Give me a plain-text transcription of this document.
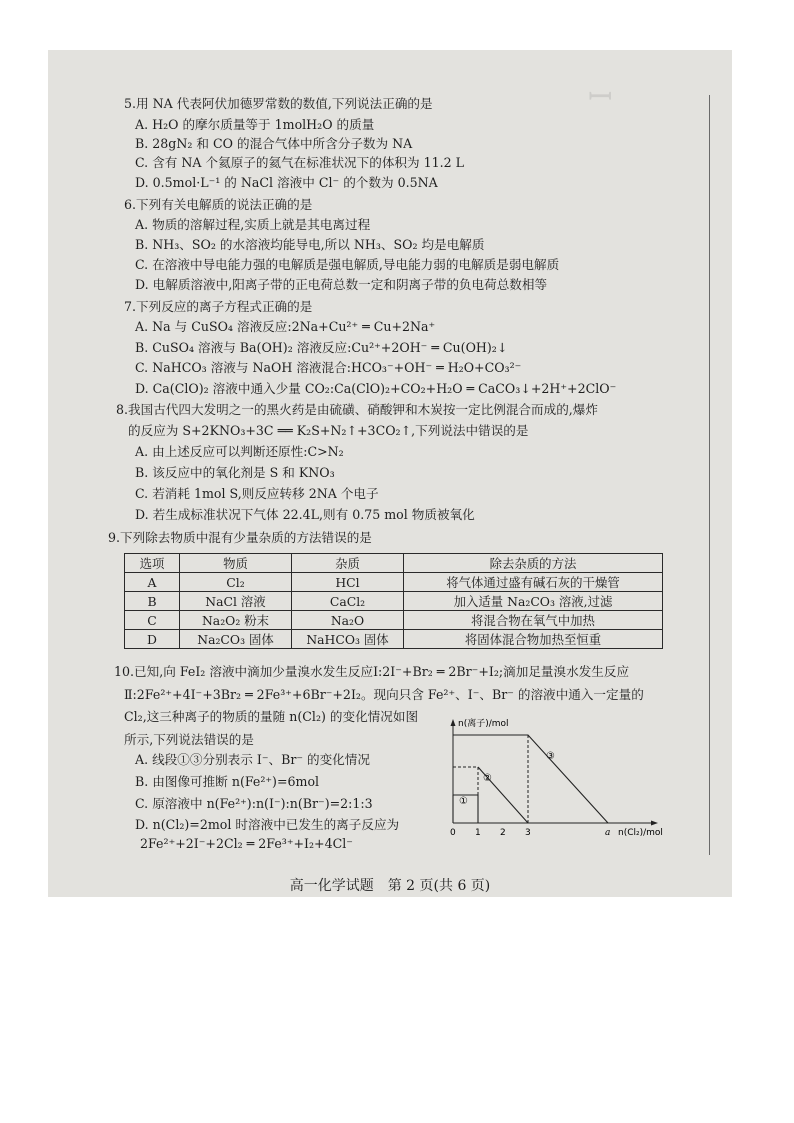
ꟷ
5.用 NA 代表阿伏加德罗常数的数值,下列说法正确的是
A. H₂O 的摩尔质量等于 1molH₂O 的质量
B. 28gN₂ 和 CO 的混合气体中所含分子数为 NA
C. 含有 NA 个氦原子的氦气在标准状况下的体积为 11.2 L
D. 0.5mol·L⁻¹ 的 NaCl 溶液中 Cl⁻ 的个数为 0.5NA
6.下列有关电解质的说法正确的是
A. 物质的溶解过程,实质上就是其电离过程
B. NH₃、SO₂ 的水溶液均能导电,所以 NH₃、SO₂ 均是电解质
C. 在溶液中导电能力强的电解质是强电解质,导电能力弱的电解质是弱电解质
D. 电解质溶液中,阳离子带的正电荷总数一定和阴离子带的负电荷总数相等
7.下列反应的离子方程式正确的是
A. Na 与 CuSO₄ 溶液反应:2Na+Cu²⁺ ═ Cu+2Na⁺
B. CuSO₄ 溶液与 Ba(OH)₂ 溶液反应:Cu²⁺+2OH⁻ ═ Cu(OH)₂↓
C. NaHCO₃ 溶液与 NaOH 溶液混合:HCO₃⁻+OH⁻ ═ H₂O+CO₃²⁻
D. Ca(ClO)₂ 溶液中通入少量 CO₂:Ca(ClO)₂+CO₂+H₂O ═ CaCO₃↓+2H⁺+2ClO⁻
8.我国古代四大发明之一的黑火药是由硫磺、硝酸钾和木炭按一定比例混合而成的,爆炸
的反应为 S+2KNO₃+3C ══ K₂S+N₂↑+3CO₂↑,下列说法中错误的是
A. 由上述反应可以判断还原性:C>N₂
B. 该反应中的氧化剂是 S 和 KNO₃
C. 若消耗 1mol S,则反应转移 2NA 个电子
D. 若生成标准状况下气体 22.4L,则有 0.75 mol 物质被氧化
9.下列除去物质中混有少量杂质的方法错误的是
选项	物质	杂质	除去杂质的方法
A	Cl₂	HCl	将气体通过盛有碱石灰的干燥管
B	NaCl 溶液	CaCl₂	加入适量 Na₂CO₃ 溶液,过滤
C	Na₂O₂ 粉末	Na₂O	将混合物在氧气中加热
D	Na₂CO₃ 固体	NaHCO₃ 固体	将固体混合物加热至恒重
10.已知,向 FeI₂ 溶液中滴加少量溴水发生反应Ⅰ:2I⁻+Br₂ ═ 2Br⁻+I₂;滴加足量溴水发生反应
Ⅱ:2Fe²⁺+4I⁻+3Br₂ ═ 2Fe³⁺+6Br⁻+2I₂。现向只含 Fe²⁺、I⁻、Br⁻ 的溶液中通入一定量的
Cl₂,这三种离子的物质的量随 n(Cl₂) 的变化情况如图
所示,下列说法错误的是
A. 线段①③分别表示 I⁻、Br⁻ 的变化情况
B. 由图像可推断 n(Fe²⁺)=6mol
C. 原溶液中 n(Fe²⁺):n(I⁻):n(Br⁻)=2:1:3
D. n(Cl₂)=2mol 时溶液中已发生的离子反应为
2Fe²⁺+2I⁻+2Cl₂ ═ 2Fe³⁺+I₂+4Cl⁻
n(离子)/mol
n(Cl₂)/mol
0 1 2 3	a
①
②
③
高一化学试题　第 2 页(共 6 页)
